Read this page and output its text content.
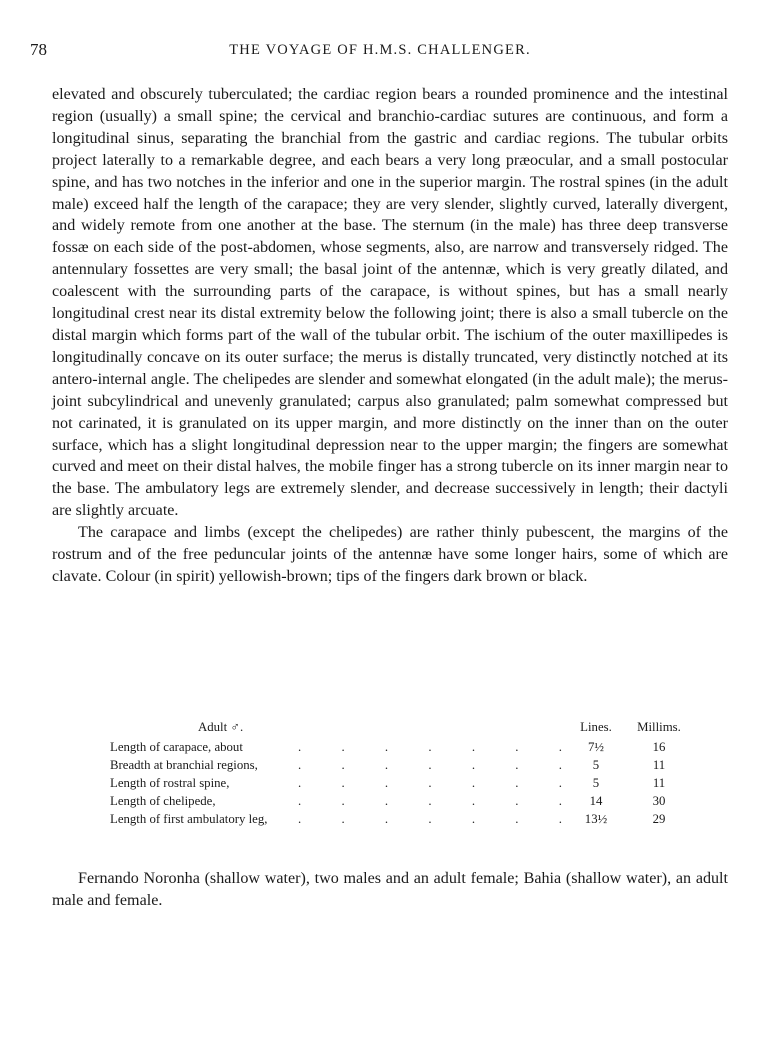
78	THE VOYAGE OF H.M.S. CHALLENGER.

elevated and obscurely tuberculated; the cardiac region bears a rounded prominence and the intestinal region (usually) a small spine; the cervical and branchio-cardiac sutures are continuous, and form a longitudinal sinus, separating the branchial from the gastric and cardiac regions. The tubular orbits project laterally to a remarkable degree, and each bears a very long præocular, and a small postocular spine, and has two notches in the inferior and one in the superior margin. The rostral spines (in the adult male) exceed half the length of the carapace; they are very slender, slightly curved, laterally divergent, and widely remote from one another at the base. The sternum (in the male) has three deep transverse fossæ on each side of the post-abdomen, whose segments, also, are narrow and transversely ridged. The antennulary fossettes are very small; the basal joint of the antennæ, which is very greatly dilated, and coalescent with the surrounding parts of the carapace, is without spines, but has a small nearly longitudinal crest near its distal extremity below the following joint; there is also a small tubercle on the distal margin which forms part of the wall of the tubular orbit. The ischium of the outer maxillipedes is longitudinally concave on its outer surface; the merus is distally truncated, very distinctly notched at its antero-internal angle. The chelipedes are slender and somewhat elongated (in the adult male); the merus-joint subcylindrical and unevenly granulated; carpus also granulated; palm somewhat compressed but not carinated, it is granulated on its upper margin, and more distinctly on the inner than on the outer surface, which has a slight longitudinal depression near to the upper margin; the fingers are somewhat curved and meet on their distal halves, the mobile finger has a strong tubercle on its inner margin near to the base. The ambulatory legs are extremely slender, and decrease successively in length; their dactyli are slightly arcuate.

The carapace and limbs (except the chelipedes) are rather thinly pubescent, the margins of the rostrum and of the free peduncular joints of the antennæ have some longer hairs, some of which are clavate. Colour (in spirit) yellowish-brown; tips of the fingers dark brown or black.

Adult ♂.	Lines.	Millims.
Length of carapace, about	.	.	.	.	.	.	.	7½	16
Breadth at branchial regions,	.	.	.	.	.	.	.	5	11
Length of rostral spine,	.	.	.	.	.	.	.	5	11
Length of chelipede,	.	.	.	.	.	.	.	14	30
Length of first ambulatory leg, .	.	.	.	.	.	.	13½	29

Fernando Noronha (shallow water), two males and an adult female; Bahia (shallow water), an adult male and female.
